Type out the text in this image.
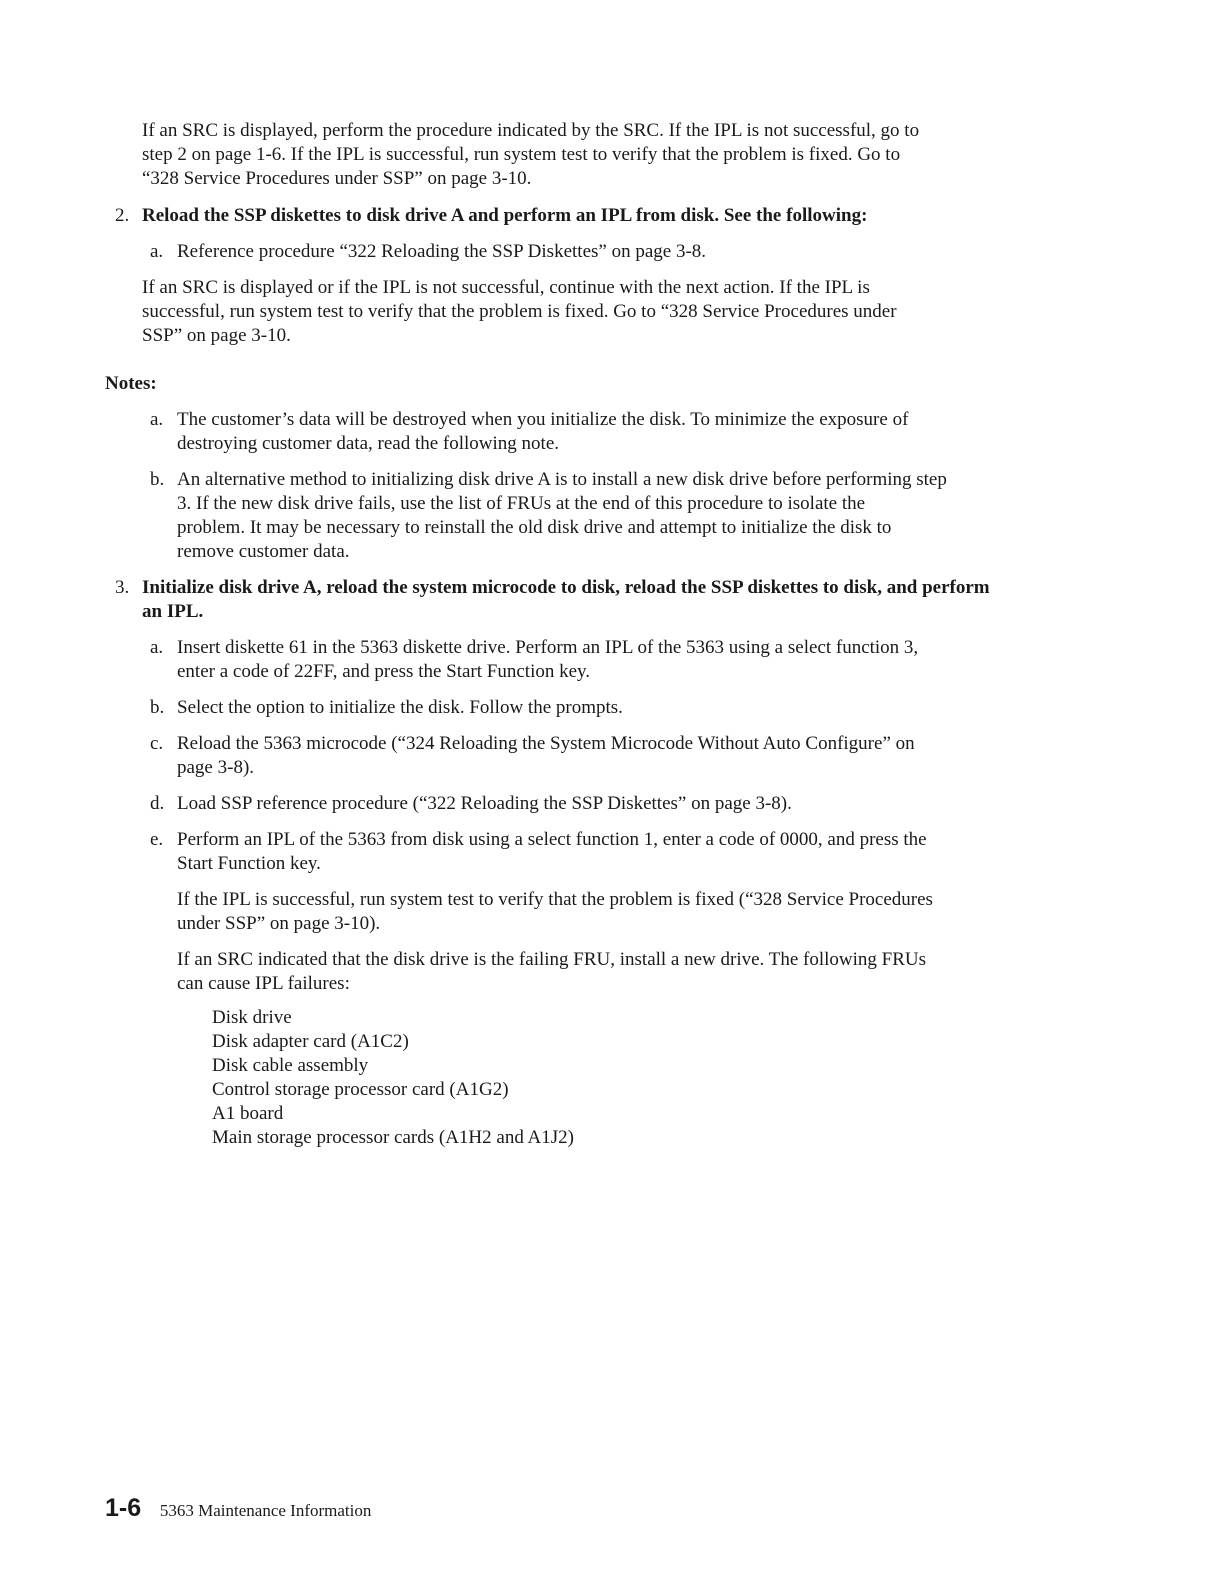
If an SRC is displayed, perform the procedure indicated by the SRC. If the IPL is not successful, go to
step 2 on page 1-6. If the IPL is successful, run system test to verify that the problem is fixed. Go to
“328 Service Procedures under SSP” on page 3-10.

2. Reload the SSP diskettes to disk drive A and perform an IPL from disk. See the following:
a. Reference procedure “322 Reloading the SSP Diskettes” on page 3-8.

If an SRC is displayed or if the IPL is not successful, continue with the next action. If the IPL is
successful, run system test to verify that the problem is fixed. Go to “328 Service Procedures under
SSP” on page 3-10.

Notes:

a. The customer’s data will be destroyed when you initialize the disk. To minimize the exposure of
destroying customer data, read the following note.
b. An alternative method to initializing disk drive A is to install a new disk drive before performing step
3. If the new disk drive fails, use the list of FRUs at the end of this procedure to isolate the
problem. It may be necessary to reinstall the old disk drive and attempt to initialize the disk to
remove customer data.
3. Initialize disk drive A, reload the system microcode to disk, reload the SSP diskettes to disk, and perform
an IPL.
a. Insert diskette 61 in the 5363 diskette drive. Perform an IPL of the 5363 using a select function 3,
enter a code of 22FF, and press the Start Function key.
b. Select the option to initialize the disk. Follow the prompts.
c. Reload the 5363 microcode (“324 Reloading the System Microcode Without Auto Configure” on
page 3-8).
d. Load SSP reference procedure (“322 Reloading the SSP Diskettes” on page 3-8).
e. Perform an IPL of the 5363 from disk using a select function 1, enter a code of 0000, and press the
Start Function key.

If the IPL is successful, run system test to verify that the problem is fixed (“328 Service Procedures
under SSP” on page 3-10).

If an SRC indicated that the disk drive is the failing FRU, install a new drive. The following FRUs
can cause IPL failures:

Disk drive
Disk adapter card (A1C2)
Disk cable assembly
Control storage processor card (A1G2)
A1 board
Main storage processor cards (A1H2 and A1J2)
1-6 5363 Maintenance Information
